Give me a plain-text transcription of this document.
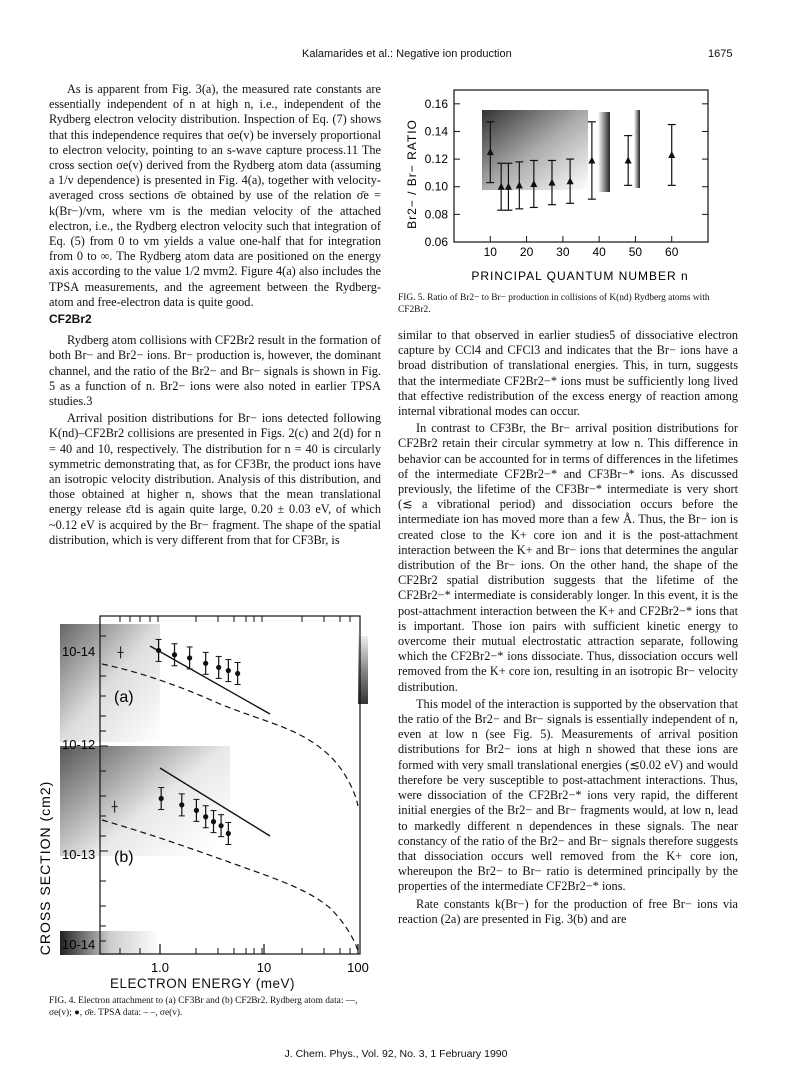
Kalamarides et al.: Negative ion production	1675

As is apparent from Fig. 3(a), the measured rate constants are essentially independent of n at high n, i.e., independent of the Rydberg electron velocity distribution. Inspection of Eq. (7) shows that this independence requires that σe(v) be inversely proportional to electron velocity, pointing to an s-wave capture process.11 The cross section σe(v) derived from the Rydberg atom data (assuming a 1/v dependence) is presented in Fig. 4(a), together with velocity-averaged cross sections σ̄e obtained by use of the relation σ̄e = k(Br−)/vm, where vm is the median velocity of the attached electron, i.e., the Rydberg electron velocity such that integration of Eq. (5) from 0 to vm yields a value one-half that for integration from 0 to ∞. The Rydberg atom data are positioned on the energy axis according to the value 1/2 mvm2. Figure 4(a) also includes the TPSA measurements, and the agreement between the Rydberg-atom and free-electron data is quite good.

CF2Br2

Rydberg atom collisions with CF2Br2 result in the formation of both Br− and Br2− ions. Br− production is, however, the dominant channel, and the ratio of the Br2− and Br− signals is shown in Fig. 5 as a function of n. Br2− ions were also noted in earlier TPSA studies.3

Arrival position distributions for Br− ions detected following K(nd)–CF2Br2 collisions are presented in Figs. 2(c) and 2(d) for n = 40 and 10, respectively. The distribution for n = 40 is circularly symmetric demonstrating that, as for CF3Br, the product ions have an isotropic velocity distribution. Analysis of this distribution, and those obtained at higher n, shows that the mean translational energy release ε̄td is again quite large, 0.20 ± 0.03 eV, of which ~0.12 eV is acquired by the Br− fragment. The shape of the spatial distribution, which is very different from that for CF3Br, is

10-14
10-12
10-13
10-14
CROSS SECTION (cm2)
(a)
(b)
1.0	10	100
ELECTRON ENERGY (meV)
FIG. 4. Electron attachment to (a) CF3Br and (b) CF2Br2. Rydberg atom data: —, σe(v); ●, σ̄e. TPSA data: – –, σe(v).
10 20 30 40 50 60
0.16
0.14
0.12
0.10
0.08
0.06
Br2− / Br− RATIO
PRINCIPAL QUANTUM NUMBER n
FIG. 5. Ratio of Br2− to Br− production in collisions of K(nd) Rydberg atoms with CF2Br2.

similar to that observed in earlier studies5 of dissociative electron capture by CCl4 and CFCl3 and indicates that the Br− ions have a broad distribution of translational energies. This, in turn, suggests that the intermediate CF2Br2−* ions must be sufficiently long lived that effective redistribution of the excess energy of reaction among internal vibrational modes can occur.

In contrast to CF3Br, the Br− arrival position distributions for CF2Br2 retain their circular symmetry at low n. This difference in behavior can be accounted for in terms of differences in the lifetimes of the intermediate CF2Br2−* and CF3Br−* ions. As discussed previously, the lifetime of the CF3Br−* intermediate is very short (≲ a vibrational period) and dissociation occurs before the intermediate ion has moved more than a few Å. Thus, the Br− ion is created close to the K+ core ion and it is the post-attachment interaction between the K+ and Br− ions that determines the angular distribution of the Br− ions. On the other hand, the shape of the CF2Br2 spatial distribution suggests that the lifetime of the CF2Br2−* intermediate is considerably longer. In this event, it is the post-attachment interaction between the K+ and CF2Br2−* ions that is important. Those ion pairs with sufficient kinetic energy to overcome their mutual electrostatic attraction separate, following which the CF2Br2−* ions dissociate. Thus, dissociation occurs well removed from the K+ core ion, resulting in an isotropic Br− velocity distribution.

This model of the interaction is supported by the observation that the ratio of the Br2− and Br− signals is essentially independent of n, even at low n (see Fig. 5). Measurements of arrival position distributions for Br2− ions at high n showed that these ions are formed with very small translational energies (≲0.02 eV) and would therefore be very susceptible to post-attachment interactions. Thus, were dissociation of the CF2Br2−* ions very rapid, the different initial energies of the Br2− and Br− fragments would, at low n, lead to markedly different n dependences in these signals. The near constancy of the ratio of the Br2− and Br− signals therefore suggests that dissociation occurs well removed from the K+ core ion, whereupon the Br2− to Br− ratio is determined principally by the properties of the intermediate CF2Br2−* ions.

Rate constants k(Br−) for the production of free Br− ions via reaction (2a) are presented in Fig. 3(b) and are

J. Chem. Phys., Vol. 92, No. 3, 1 February 1990
